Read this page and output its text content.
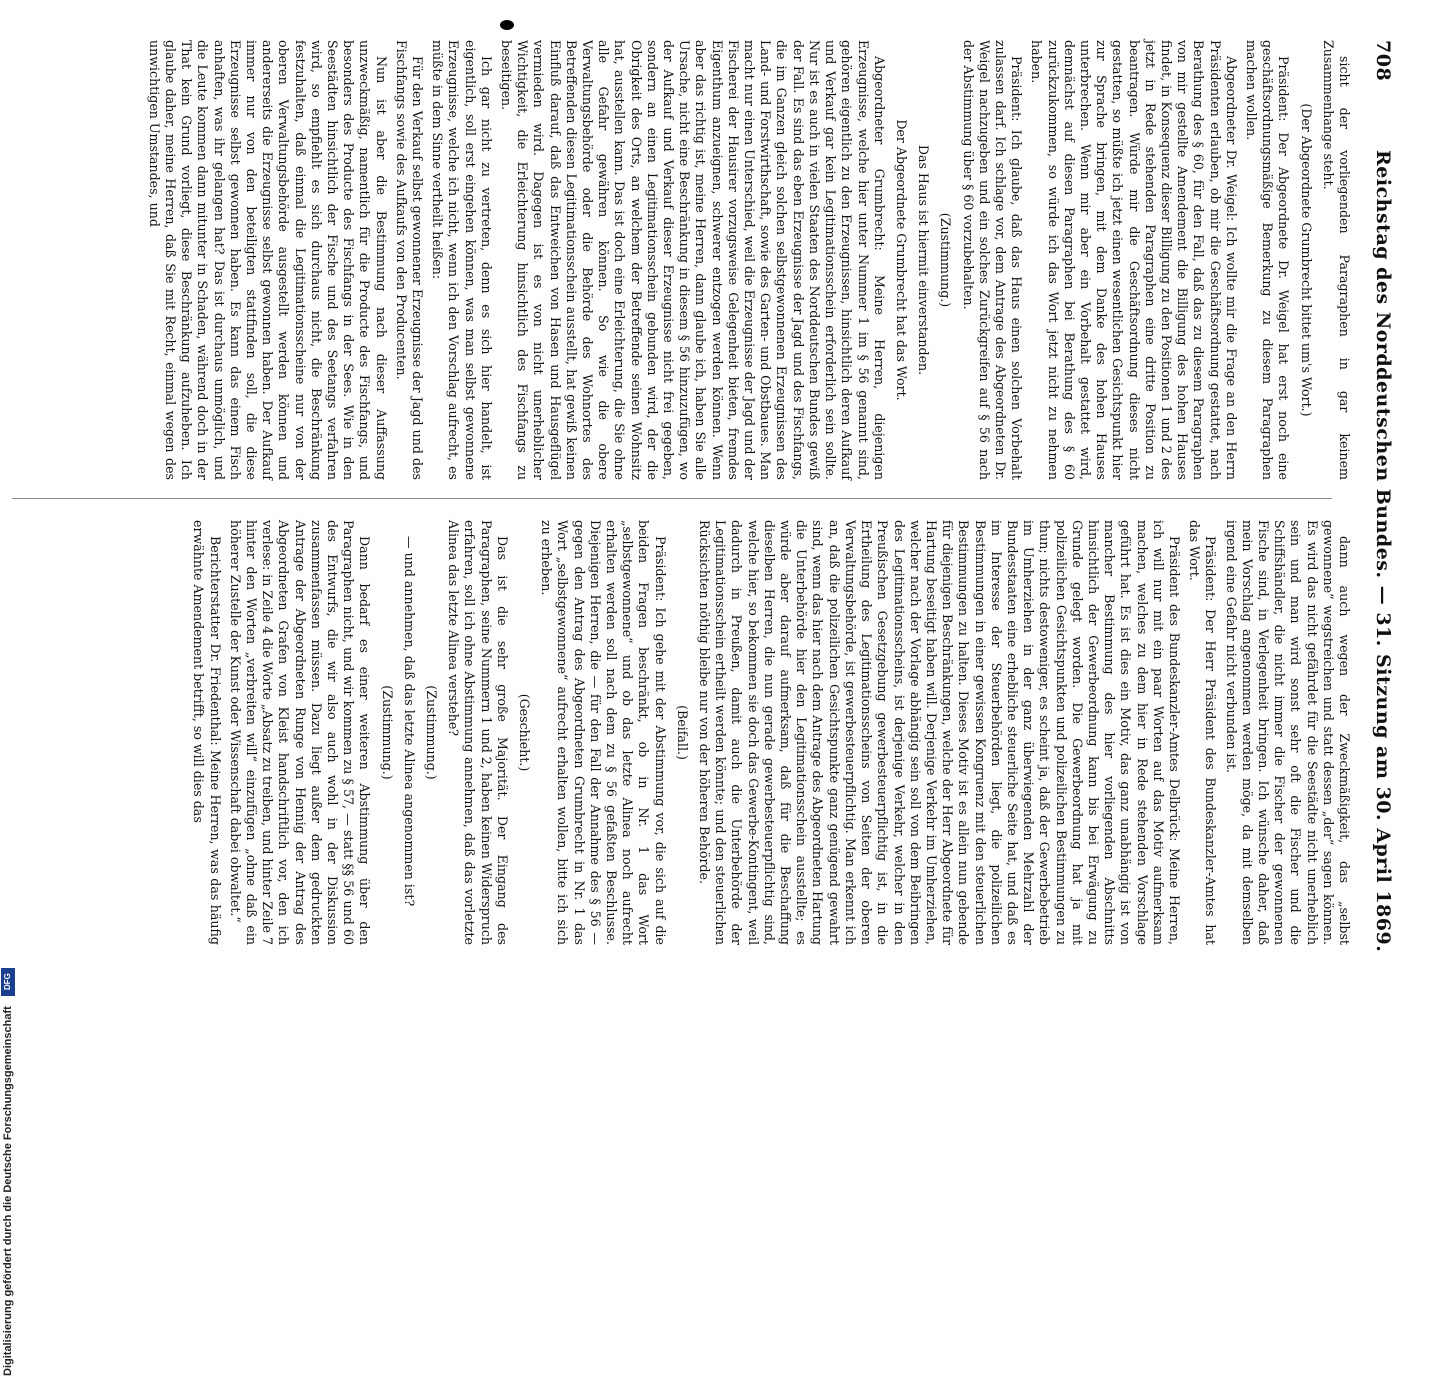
708
Reichstag des Norddeutschen Bundes. — 31. Sitzung am 30. April 1869.

sicht der vorliegenden Paragraphen in gar keinem Zusammenhange steht.

(Der Abgeordnete Grumbrecht bittet um's Wort.)

Präsident: Der Abgeordnete Dr. Weigel hat erst noch eine geschäftsordnungsmäßige Bemerkung zu diesem Paragraphen machen wollen.

Abgeordneter Dr. Weigel: Ich wollte mir die Frage an den Herrn Präsidenten erlauben, ob mir die Geschäftsordnung gestattet, nach Berathung des § 60, für den Fall, daß das zu diesem Paragraphen von mir gestellte Amendement die Billigung des hohen Hauses findet, in Konsequenz dieser Billigung zu den Positionen 1 und 2 des jetzt in Rede stehenden Paragraphen eine dritte Position zu beantragen. Würde mir die Geschäftsordnung dieses nicht gestatten, so müßte ich jetzt einen wesentlichen Gesichtspunkt hier zur Sprache bringen, mit dem Danke des hohen Hauses unterbrechen. Wenn mir aber ein Vorbehalt gestattet wird, demnächst auf diesen Paragraphen bei Berathung des § 60 zurückzukommen, so würde ich das Wort jetzt nicht zu nehmen haben.

Präsident: Ich glaube, daß das Haus einen solchen Vorbehalt zulassen darf. Ich schlage vor, dem Antrage des Abgeordneten Dr. Weigel nachzugeben und ein solches Zurückgreifen auf § 56 nach der Abstimmung über § 60 vorzubehalten.

(Zustimmung.)

Das Haus ist hiermit einverstanden.

Der Abgeordnete Grumbrecht hat das Wort.

Abgeordneter Grumbrecht: Meine Herren, diejenigen Erzeugnisse, welche hier unter Nummer 1 im § 56 genannt sind, gehören eigentlich zu den Erzeugnissen, hinsichtlich deren Aufkauf und Verkauf gar kein Legitimationsschein erforderlich sein sollte. Nur ist es auch in vielen Staaten des Norddeutschen Bundes gewiß der Fall. Es sind das eben Erzeugnisse der Jagd und des Fischfangs, die im Ganzen gleich solchen selbstgewonnenen Erzeugnissen des Land- und Forstwirthschaft, sowie des Garten- und Obstbaues. Man macht nur einen Unterschied, weil die Erzeugnisse der Jagd und der Fischerei der Hausirer vorzugsweise Gelegenheit bieten, fremdes Eigenthum anzueignen, schwerer entzogen werden können. Wenn aber das richtig ist, meine Herren, dann glaube ich, haben Sie alle Ursache, nicht eine Beschränkung in diesem § 56 hinzuzufügen, wo der Aufkauf und Verkauf dieser Erzeugnisse nicht frei gegeben, sondern an einen Legitimationsschein gebunden wird, der die Obrigkeit des Orts, an welchem der Betreffende seinen Wohnsitz hat, ausstellen kann. Das ist doch eine Erleichterung, die Sie ohne alle Gefahr gewähren können. So wie die obere Verwaltungsbehörde oder die Behörde des Wohnortes des Betreffenden diesen Legitimationsschein ausstellt, hat gewiß keinen Einfluß darauf, daß das Entweichen von Hasen und Hausgeflügel vermieden wird. Dagegen ist es von nicht unerheblicher Wichtigkeit, die Erleichterung hinsichtlich des Fischfangs zu beseitigen.

Ich gar nicht zu vertreten, denn es sich hier handelt, ist eigentlich, soll erst eingehen können, was man selbst gewonnene Erzeugnisse, welche ich nicht, wenn ich den Vorschlag aufrecht, es müßte in dem Sinne vertheilt heißen:

Für den Verkauf selbst gewonnener Erzeugnisse der Jagd und des Fischfangs sowie des Aufkaufs von den Producenten.

Nun ist aber die Bestimmung nach dieser Auffassung unzweckmäßig, namentlich für die Producte des Fischfangs, und besonders des Producte des Fischfangs in der Sees. Wie in den Seestädten hinsichtlich der Fische und des Seetangs verfahren wird, so empfiehlt es sich durchaus nicht, die Beschränkung festzuhalten, daß einmal die Legitimationsscheine nur von der oberen Verwaltungsbehörde ausgestellt werden können und andererseits die Erzeugnisse selbst gewonnen haben. Der Aufkauf immer nur von den beteiligten stattfinden soll, die diese Erzeugnisse selbst gewonnen haben. Es kann das einem Fisch anhaften, was ihr gelangen hat? Das ist durchaus unmöglich, und die Leute kommen dann mitunter in Schaden, während doch in der That kein Grund vorliegt, diese Beschränkung aufzuheben. Ich glaube daher, meine Herren, daß Sie mit Recht, einmal wegen des unwichtigen Umstandes, und

dann auch wegen der Zweckmäßigkeit, das „selbst gewonnene“ wegstreichen und statt dessen „der“ sagen können. Es wird das nicht gefährdet für die Seestädte nicht unerheblich sein und man wird sonst sehr oft die Fischer und die Schiffshändler, die nicht immer die Fischer der gewonnenen Fische sind, in Verlegenheit bringen. Ich wünsche daher, daß mein Vorschlag angenommen werden möge, da mit demselben irgend eine Gefahr nicht verbunden ist.

Präsident: Der Herr Präsident des Bundeskanzler-Amtes hat das Wort.

Präsident des Bundeskanzler-Amtes Delbrück: Meine Herren, ich will nur mit ein paar Worten auf das Motiv aufmerksam machen, welches zu dem hier in Rede stehenden Vorschlage geführt hat. Es ist dies ein Motiv, das ganz unabhängig ist von mancher Bestimmung des hier vorliegenden Abschnitts hinsichtlich der Gewerbeordnung kann bis bei Erwägung zu Grunde gelegt worden. Die Gewerbeordnung hat ja mit polizeilichen Gesichtspunkten und polizeilichen Bestimmungen zu thun; nichts destoweniger, es scheint ja, daß der Gewerbebetrieb im Umherziehen in der ganz überwiegenden Mehrzahl der Bundesstaaten eine erhebliche steuerliche Seite hat, und daß es im Interesse der Steuerbehörden liegt, die polizeilichen Bestimmungen in einer gewissen Kongruenz mit den steuerlichen Bestimmungen zu halten. Dieses Motiv ist es allein nun gebende für diejenigen Beschränkungen, welche der Herr Abgeordnete für Hartung beseitigt haben will. Derjenige Verkehr im Umherziehen, welcher nach der Vorlage abhängig sein soll von dem Beibringen des Legitimationsscheins, ist derjenige Verkehr, welcher in den Preußischen Gesetzgebung gewerbesteuerpflichtig ist, in die Ertheilung des Legitimationsscheins von Seiten der oberen Verwaltungsbehörde, ist gewerbesteuerpflichtig. Man erkennt ich an, daß die polizeilichen Gesichtspunkte ganz genügend gewahrt sind, wenn das hier nach dem Antrage des Abgeordneten Hartung die Unterbehörde hier den Legitimationsschein ausstellte; es würde aber darauf aufmerksam, daß für die Beschaffung dieselben Herren, die nun gerade gewerbesteuerpflichtig sind, welche hier, so bekommen sie doch das Gewerbe-Kontingent, weil dadurch in Preußen, damit auch die Unterbehörde der Legitimationsschein ertheilt werden könnte; und den steuerlichen Rücksichten nöthig bleibe nur von der höheren Behörde.

(Beifall.)

Präsident: Ich gehe mit der Abstimmung vor, die sich auf die beiden Fragen beschränkt, ob in Nr. 1 das Wort „selbstgewonnene“ und ob das letzte Alinea noch aufrecht erhalten werden soll nach dem zu § 56 gefaßten Beschlusse. Diejenigen Herren, die — für den Fall der Annahme des § 56 — gegen den Antrag des Abgeordneten Grumbrecht in Nr. 1 das Wort „selbstgewonnene“ aufrecht erhalten wollen, bitte ich sich zu erheben.

(Geschieht.)

Das ist die sehr große Majorität. Der Eingang des Paragraphen, seine Nummern 1 und 2, haben keinen Widerspruch erfahren, soll ich ohne Abstimmung annehmen, daß das vorletzte Alinea das letzte Alinea verstehe?

(Zustimmung.)

— und annehmen, daß das letzte Alinea angenommen ist?

(Zustimmung.)

Dann bedarf es einer weiteren Abstimmung über den Paragraphen nicht, und wir kommen zu § 57, — statt §§ 56 und 60 des Entwurfs, die wir also auch wohl in der Diskussion zusammenfassen müssen. Dazu liegt außer dem gedruckten Antrage der Abgeordneten Runge von Hennig der Antrag des Abgeordneten Grafen von Kleist handschriftlich vor, den ich verlese: in Zeile 4 die Worte „Absatz zu treiben, und hinter Zeile 7 hinter den Worten „verbreiten will“ einzufügen „ohne daß ein höherer Zustelle der Kunst oder Wissenschaft dabei obwaltet.“

Berichterstatter Dr. Friedenthal: Meine Herren, was das häufig erwähnte Amendement betrifft, so will dies das

Digitalisierung gefördert durch die Deutsche Forschungsgemeinschaft
DFG
